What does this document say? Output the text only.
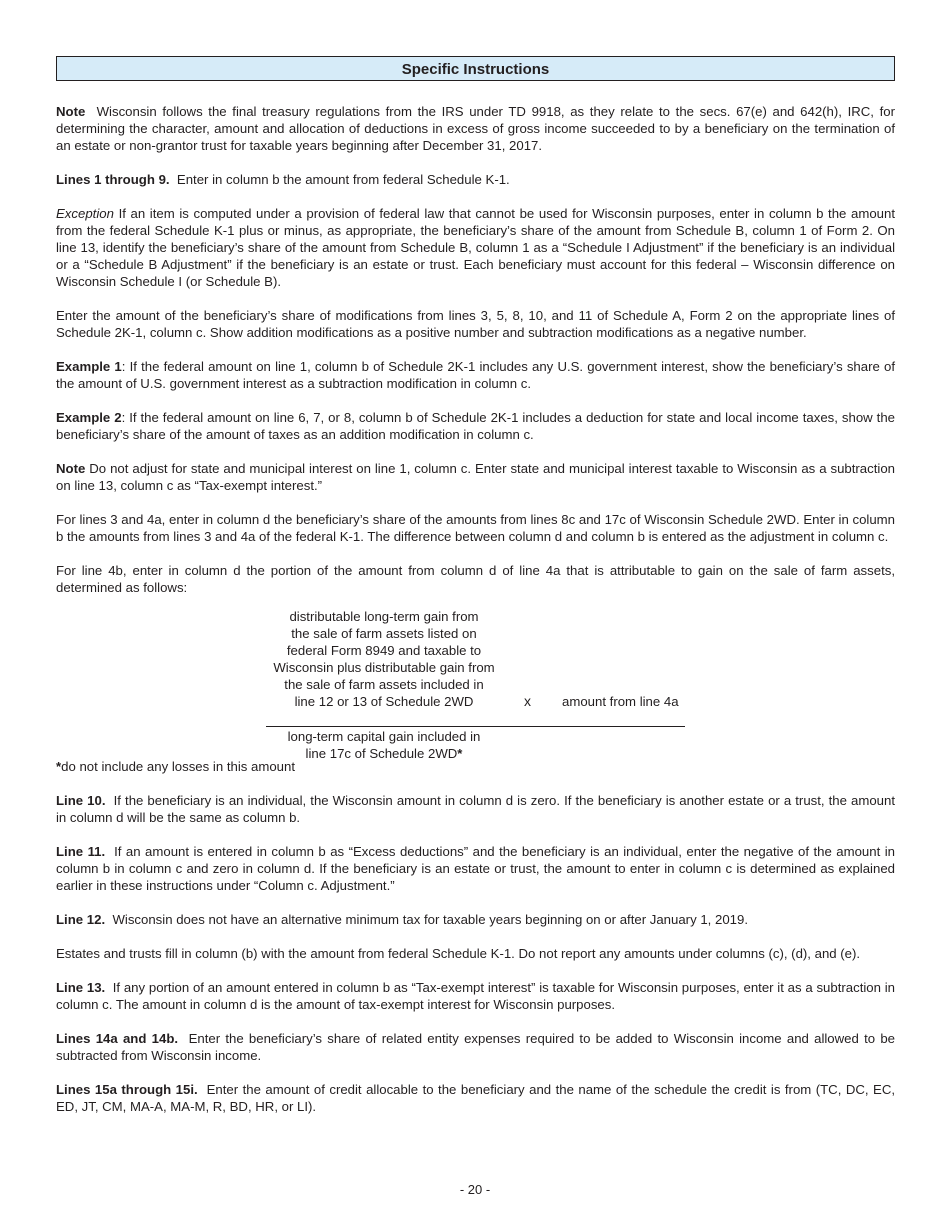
Specific Instructions

Note Wisconsin follows the final treasury regulations from the IRS under TD 9918, as they relate to the secs. 67(e) and 642(h), IRC, for determining the character, amount and allocation of deductions in excess of gross income succeeded to by a beneficiary on the termination of an estate or non-grantor trust for taxable years beginning after December 31, 2017.

Lines 1 through 9. Enter in column b the amount from federal Schedule K-1.

Exception If an item is computed under a provision of federal law that cannot be used for Wisconsin purposes, enter in column b the amount from the federal Schedule K-1 plus or minus, as appropriate, the beneficiary’s share of the amount from Schedule B, column 1 of Form 2. On line 13, identify the beneficiary’s share of the amount from Schedule B, column 1 as a “Schedule I Adjustment” if the beneficiary is an individual or a “Schedule B Adjustment” if the beneficiary is an estate or trust. Each beneficiary must account for this federal – Wisconsin difference on Wisconsin Schedule I (or Schedule B).

Enter the amount of the beneficiary’s share of modifications from lines 3, 5, 8, 10, and 11 of Schedule A, Form 2 on the appropriate lines of Schedule 2K-1, column c. Show addition modifications as a positive number and subtraction modifications as a negative number.

Example 1: If the federal amount on line 1, column b of Schedule 2K-1 includes any U.S. government interest, show the beneficiary’s share of the amount of U.S. government interest as a subtraction modification in column c.

Example 2: If the federal amount on line 6, 7, or 8, column b of Schedule 2K-1 includes a deduction for state and local income taxes, show the beneficiary’s share of the amount of taxes as an addition modification in column c.

Note Do not adjust for state and municipal interest on line 1, column c. Enter state and municipal interest taxable to Wisconsin as a subtraction on line 13, column c as “Tax-exempt interest.”

For lines 3 and 4a, enter in column d the beneficiary’s share of the amounts from lines 8c and 17c of Wisconsin Schedule 2WD. Enter in column b the amounts from lines 3 and 4a of the federal K-1. The difference between column d and column b is entered as the adjustment in column c.

For line 4b, enter in column d the portion of the amount from column d of line 4a that is attributable to gain on the sale of farm assets, determined as follows:

distributable long-term gain from
the sale of farm assets listed on
federal Form 8949 and taxable to
Wisconsin plus distributable gain from
the sale of farm assets included in
line 12 or 13 of Schedule 2WD	x amount from line 4a
long-term capital gain included in
line 17c of Schedule 2WD*

*do not include any losses in this amount

Line 10. If the beneficiary is an individual, the Wisconsin amount in column d is zero. If the beneficiary is another estate or a trust, the amount in column d will be the same as column b.

Line 11. If an amount is entered in column b as “Excess deductions” and the beneficiary is an individual, enter the negative of the amount in column b in column c and zero in column d. If the beneficiary is an estate or trust, the amount to enter in column c is determined as explained earlier in these instructions under “Column c. Adjustment.”

Line 12. Wisconsin does not have an alternative minimum tax for taxable years beginning on or after January 1, 2019.

Estates and trusts fill in column (b) with the amount from federal Schedule K-1. Do not report any amounts under columns (c), (d), and (e).

Line 13. If any portion of an amount entered in column b as “Tax-exempt interest” is taxable for Wisconsin purposes, enter it as a subtraction in column c. The amount in column d is the amount of tax-exempt interest for Wisconsin purposes.

Lines 14a and 14b. Enter the beneficiary’s share of related entity expenses required to be added to Wisconsin income and allowed to be subtracted from Wisconsin income.

Lines 15a through 15i. Enter the amount of credit allocable to the beneficiary and the name of the schedule the credit is from (TC, DC, EC, ED, JT, CM, MA-A, MA-M, R, BD, HR, or LI).

- 20 -
